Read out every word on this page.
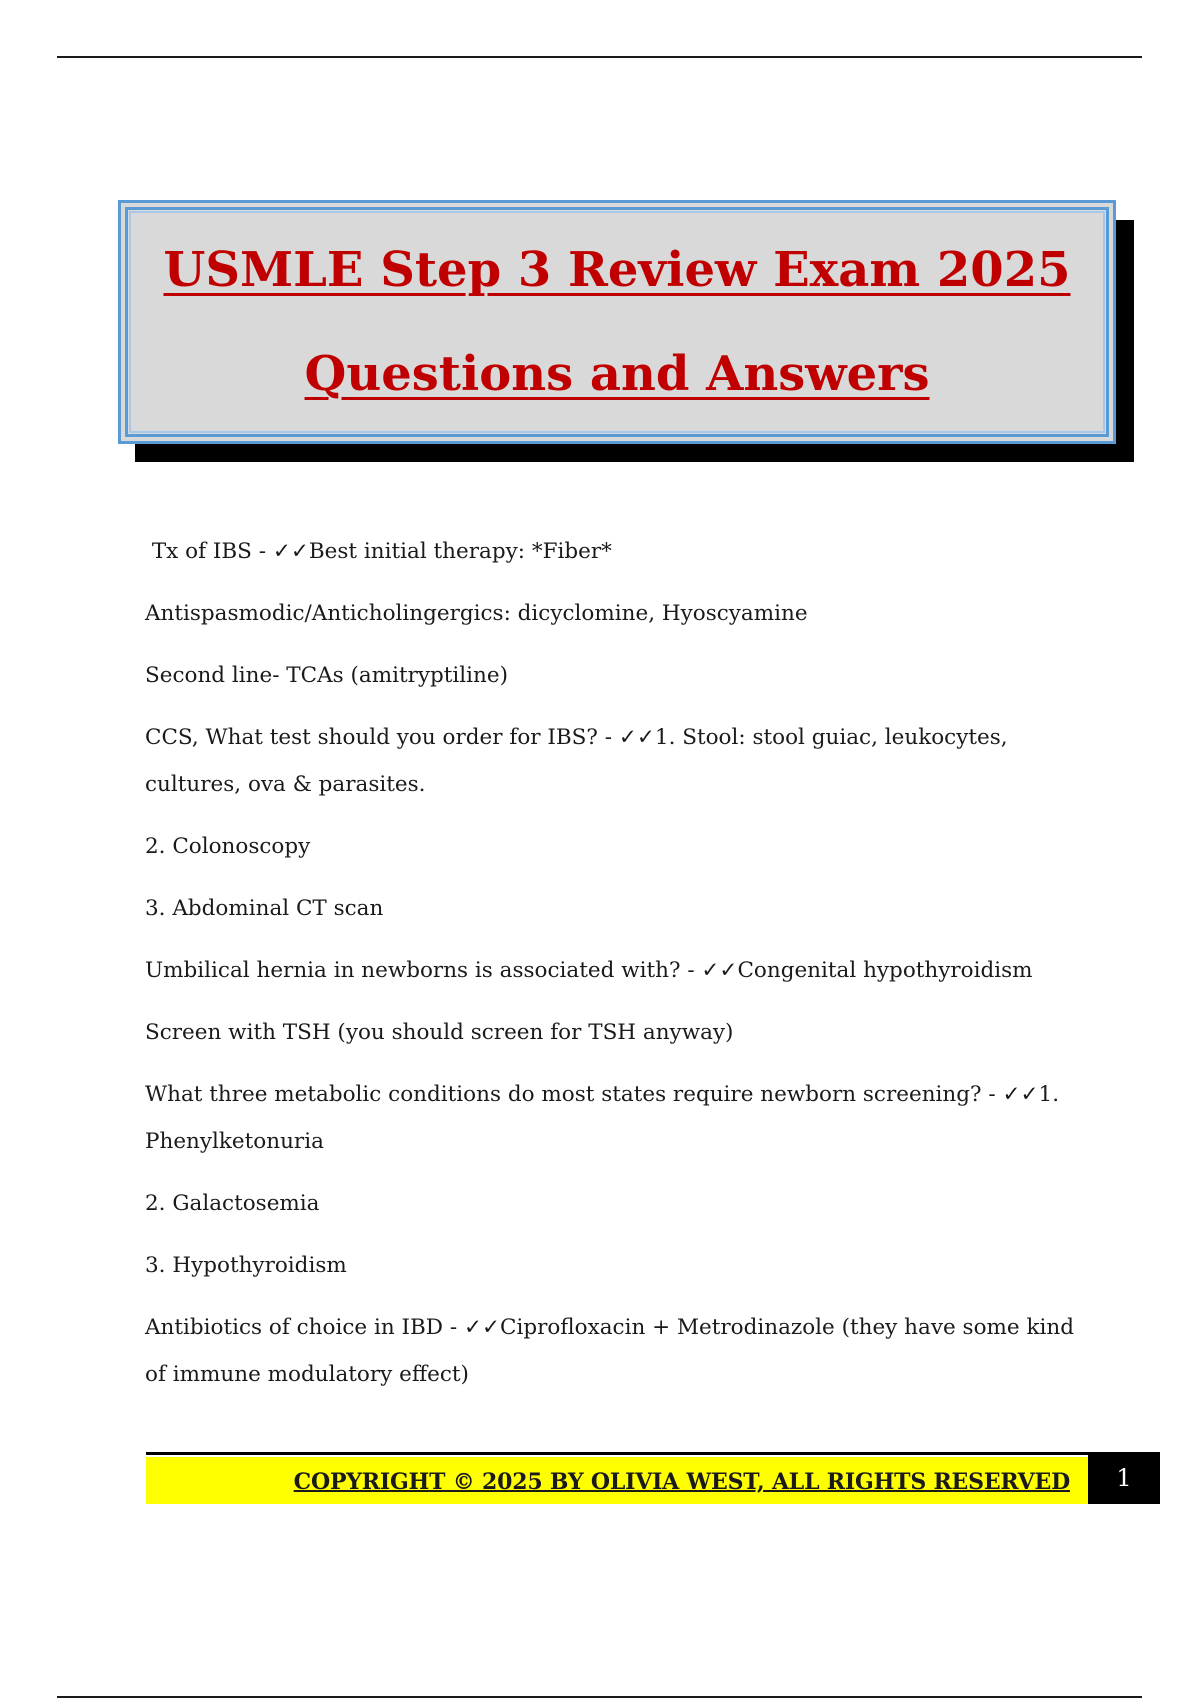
USMLE Step 3 Review Exam 2025
Questions and Answers

Tx of IBS - ✓✓Best initial therapy: *Fiber*

Antispasmodic/Anticholingergics: dicyclomine, Hyoscyamine

Second line- TCAs (amitryptiline)

CCS, What test should you order for IBS? - ✓✓1. Stool: stool guiac, leukocytes, cultures, ova & parasites.

2. Colonoscopy

3. Abdominal CT scan

Umbilical hernia in newborns is associated with? - ✓✓Congenital hypothyroidism

Screen with TSH (you should screen for TSH anyway)

What three metabolic conditions do most states require newborn screening? - ✓✓1. Phenylketonuria

2. Galactosemia

3. Hypothyroidism

Antibiotics of choice in IBD - ✓✓Ciprofloxacin + Metrodinazole (they have some kind of immune modulatory effect)

COPYRIGHT © 2025 BY OLIVIA WEST, ALL RIGHTS RESERVED	1
